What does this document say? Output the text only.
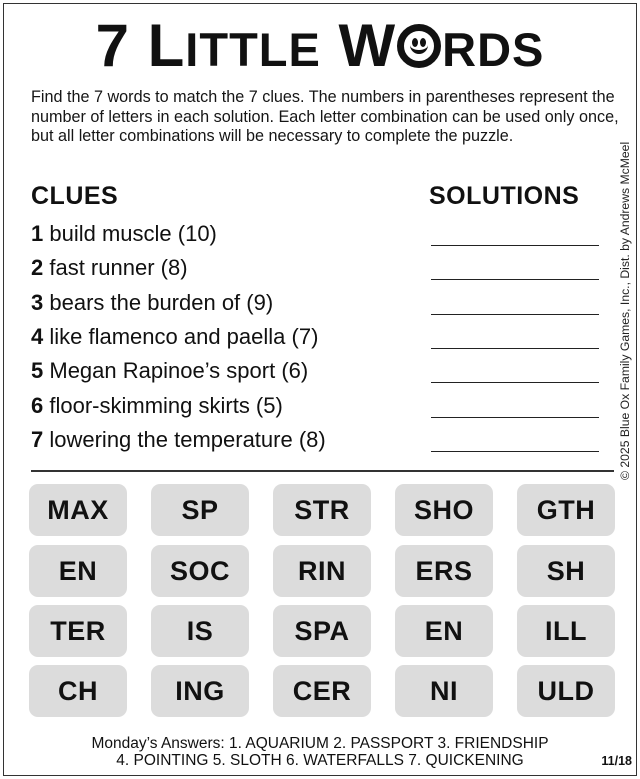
7 LITTLE W RDS
Find the 7 words to match the 7 clues. The numbers in parentheses represent the number of letters in each solution. Each letter combination can be used only once, but all letter combinations will be necessary to complete the puzzle.
© 2025 Blue Ox Family Games, Inc., Dist. by Andrews McMeel
CLUES	SOLUTIONS
1 build muscle (10)
2 fast runner (8)
3 bears the burden of (9)
4 like flamenco and paella (7)
5 Megan Rapinoe’s sport (6)
6 floor-skimming skirts (5)
7 lowering the temperature (8)
MAX	SP	STR	SHO	GTH
EN	SOC	RIN	ERS	SH
TER	IS	SPA	EN	ILL
CH	ING	CER	NI	ULD
Monday’s Answers: 1. AQUARIUM 2. PASSPORT 3. FRIENDSHIP
4. POINTING 5. SLOTH 6. WATERFALLS 7. QUICKENING	11/18
